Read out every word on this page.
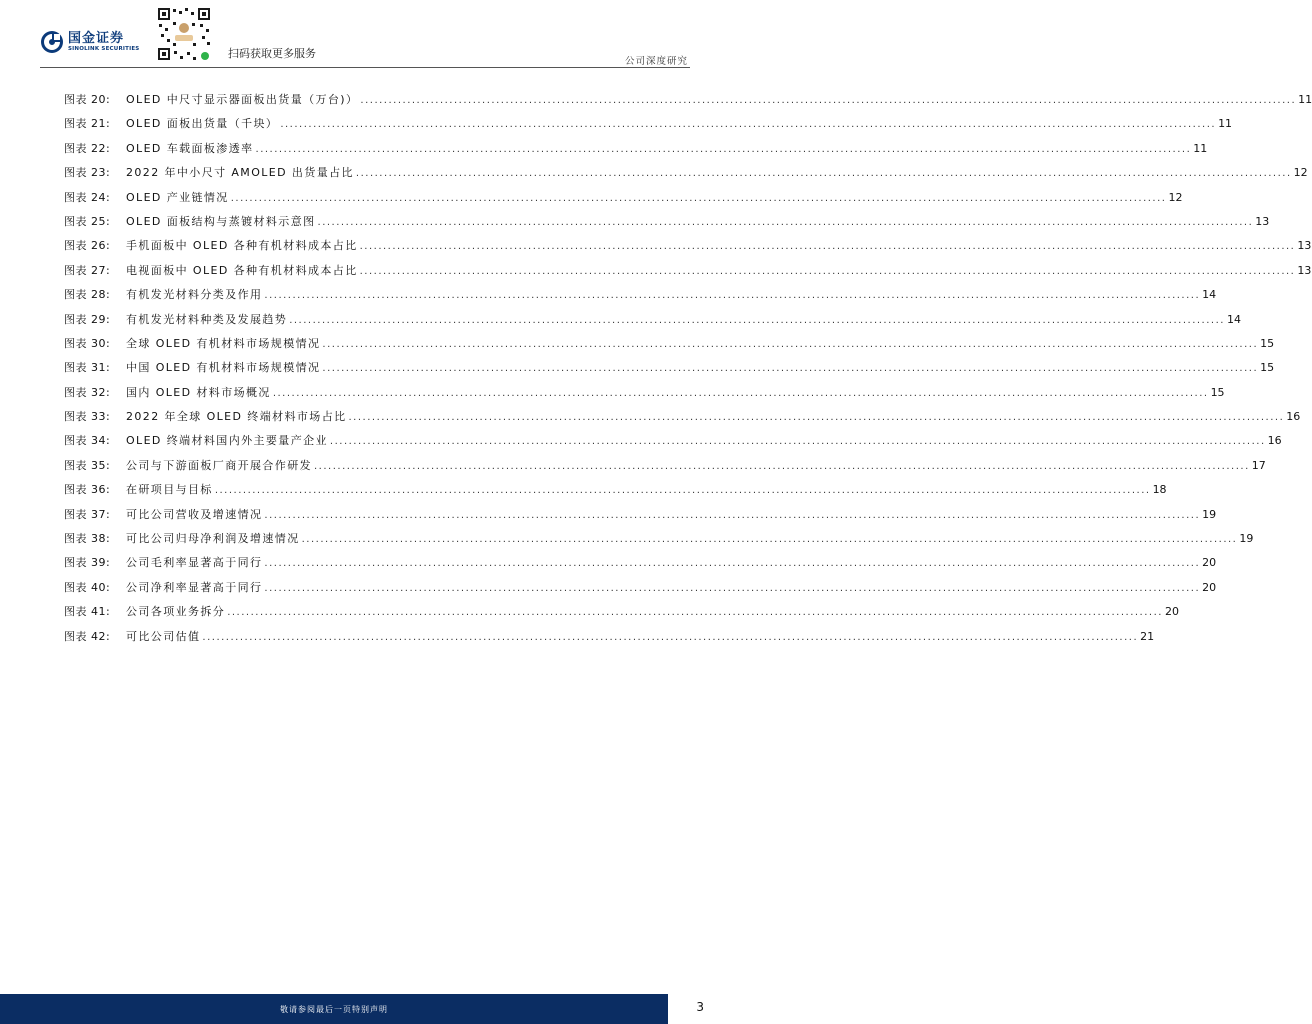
国金证券
SINOLINK SECURITIES	扫码获取更多服务
公司深度研究
图表 20:	OLED 中尺寸显示器面板出货量（万台)） ........................................................................................................................................................................................................ 11
图表 21:	OLED 面板出货量（千块） ........................................................................................................................................................................................................ 11
图表 22:	OLED 车载面板渗透率 ........................................................................................................................................................................................................ 11
图表 23:	2022 年中小尺寸 AMOLED 出货量占比 ........................................................................................................................................................................................................ 12
图表 24:	OLED 产业链情况 ........................................................................................................................................................................................................ 12
图表 25:	OLED 面板结构与蒸镀材料示意图 ........................................................................................................................................................................................................ 13
图表 26:	手机面板中 OLED 各种有机材料成本占比 ........................................................................................................................................................................................................ 13
图表 27:	电视面板中 OLED 各种有机材料成本占比 ........................................................................................................................................................................................................ 13
图表 28:	有机发光材料分类及作用 ........................................................................................................................................................................................................ 14
图表 29:	有机发光材料种类及发展趋势 ........................................................................................................................................................................................................ 14
图表 30:	全球 OLED 有机材料市场规模情况 ........................................................................................................................................................................................................ 15
图表 31:	中国 OLED 有机材料市场规模情况 ........................................................................................................................................................................................................ 15
图表 32:	国内 OLED 材料市场概况 ........................................................................................................................................................................................................ 15
图表 33:	2022 年全球 OLED 终端材料市场占比 ........................................................................................................................................................................................................ 16
图表 34:	OLED 终端材料国内外主要量产企业 ........................................................................................................................................................................................................ 16
图表 35:	公司与下游面板厂商开展合作研发 ........................................................................................................................................................................................................ 17
图表 36:	在研项目与目标 ........................................................................................................................................................................................................ 18
图表 37:	可比公司营收及增速情况 ........................................................................................................................................................................................................ 19
图表 38:	可比公司归母净利润及增速情况 ........................................................................................................................................................................................................ 19
图表 39:	公司毛利率显著高于同行 ........................................................................................................................................................................................................ 20
图表 40:	公司净利率显著高于同行 ........................................................................................................................................................................................................ 20
图表 41:	公司各项业务拆分 ........................................................................................................................................................................................................ 20
图表 42:	可比公司估值 ........................................................................................................................................................................................................ 21
敬请参阅最后一页特别声明	3
